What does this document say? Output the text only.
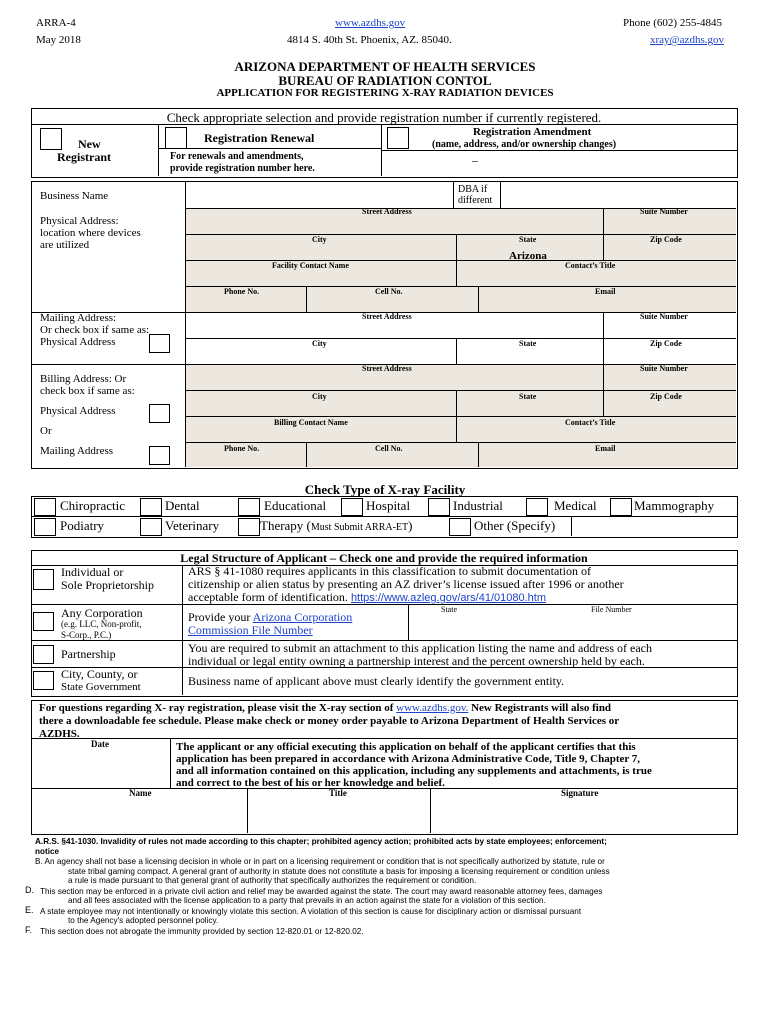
ARRA-4
May 2018
www.azdhs.gov
4814 S. 40th St. Phoenix, AZ. 85040.
Phone (602) 255-4845
xray@azdhs.gov
ARIZONA DEPARTMENT OF HEALTH SERVICES
BUREAU OF RADIATION CONTOL
APPLICATION FOR REGISTERING X-RAY RADIATION DEVICES
Check appropriate selection and provide registration number if currently registered.
New
Registrant
Registration Renewal
For renewals and amendments,
provide registration number here.
Registration Amendment
(name, address, and/or ownership changes)
–
Business Name
DBA if
different
Physical Address:
location where devices
are utilized
Street Address	Suite Number
City	State	Zip Code
Arizona
Facility Contact Name	Contact’s Title
Phone No.	Cell No.	Email
Mailing Address:
Or check box if same as:
Physical Address
Street Address	Suite Number
City	State	Zip Code
Billing Address: Or
check box if same as:
Physical Address
Or
Mailing Address
Street Address	Suite Number
City	State	Zip Code
Billing Contact Name	Contact’s Title
Phone No.	Cell No.	Email
Check Type of X-ray Facility
Chiropractic	Dental	Educational	Hospital	Industrial	Medical	Mammography
Podiatry	Veterinary	Therapy (Must Submit ARRA-ET)	Other (Specify)
Legal Structure of Applicant – Check one and provide the required information
Individual or
Sole Proprietorship
ARS § 41-1080 requires applicants in this classification to submit documentation of
citizenship or alien status by presenting an AZ driver’s license issued after 1996 or another
acceptable form of identification. https://www.azleg.gov/ars/41/01080.htm
Any Corporation
(e.g. LLC, Non-profit,
S-Corp., P.C.)
Provide your Arizona Corporation
Commission File Number
State	File Number
Partnership	You are required to submit an attachment to this application listing the name and address of each
individual or legal entity owning a partnership interest and the percent ownership held by each.
City, County, or
State Government	Business name of applicant above must clearly identify the government entity.
For questions regarding X- ray registration, please visit the X-ray section of www.azdhs.gov. New Registrants will also find
there a downloadable fee schedule. Please make check or money order payable to Arizona Department of Health Services or
AZDHS.
Date	The applicant or any official executing this application on behalf of the applicant certifies that this
application has been prepared in accordance with Arizona Administrative Code, Title 9, Chapter 7,
and all information contained on this application, including any supplements and attachments, is true
and correct to the best of his or her knowledge and belief.
Name	Title	Signature
A.R.S. §41-1030. Invalidity of rules not made according to this chapter; prohibited agency action; prohibited acts by state employees; enforcement;
notice
B. An agency shall not base a licensing decision in whole or in part on a licensing requirement or condition that is not specifically authorized by statute, rule or
state tribal gaming compact. A general grant of authority in statute does not constitute a basis for imposing a licensing requirement or condition unless
a rule is made pursuant to that general grant of authority that specifically authorizes the requirement or condition.
D. This section may be enforced in a private civil action and relief may be awarded against the state. The court may award reasonable attorney fees, damages
and all fees associated with the license application to a party that prevails in an action against the state for a violation of this section.
E. A state employee may not intentionally or knowingly violate this section. A violation of this section is cause for disciplinary action or dismissal pursuant
to the Agency's adopted personnel policy.
F. This section does not abrogate the immunity provided by section 12-820.01 or 12-820.02.
